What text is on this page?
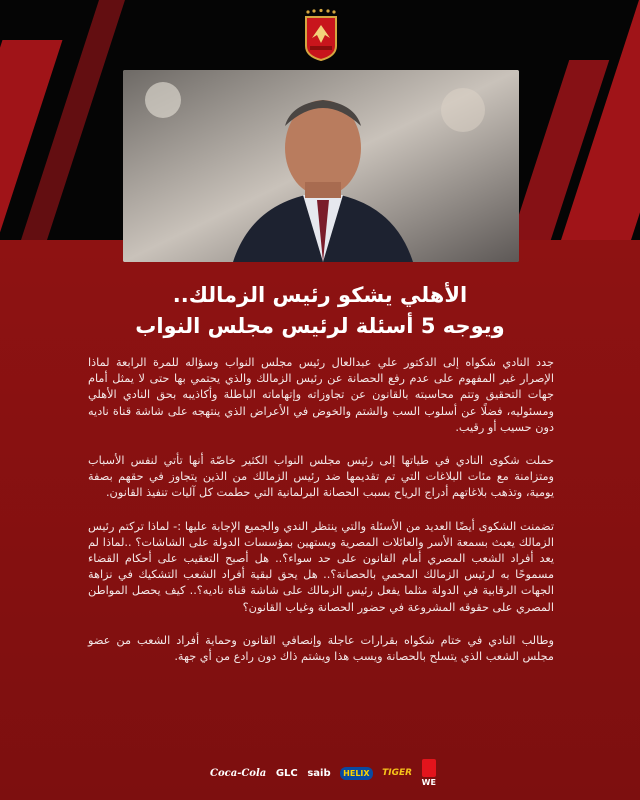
الأهلي يشكو رئيس الزمالك..
ويوجه 5 أسئلة لرئيس مجلس النواب

جدد النادي شكواه إلى الدكتور علي عبدالعال رئيس مجلس النواب وسؤاله للمرة الرابعة لماذا الإصرار غير المفهوم على عدم رفع الحصانة عن رئيس الزمالك والذي يحتمي بها حتى لا يمثل أمام جهات التحقيق وتتم محاسبته بالقانون عن تجاوزاته وإتهاماته الباطلة وأكاذيبه بحق النادي الأهلي ومسئوليه، فضلًا عن أسلوب السب والشتم والخوض في الأعراض الذي ينتهجه على شاشة قناة ناديه دون حسيب أو رقيب.

حملت شكوى النادي في طياتها إلى رئيس مجلس النواب الكثير خاصّة أنها تأتي لنفس الأسباب ومتزامنة مع مئات البلاغات التي تم تقديمها ضد رئيس الزمالك من الذين يتجاوز في حقهم بصفة يومية، وتذهب بلاغاتهم أدراج الرياح بسبب الحصانة البرلمانية التي حطمت كل آليات تنفيذ القانون.

تضمنت الشكوى أيضًا العديد من الأسئلة والتي ينتظر الندي والجميع الإجابة عليها :- لماذا تركتم رئيس الزمالك يعبث بسمعة الأسر والعائلات المصرية ويستهين بمؤسسات الدولة على الشاشات؟ ..لماذا لم يعد أفراد الشعب المصري أمام القانون على حد سواء؟.. هل أصبح التعقيب على أحكام القضاء مسموحًا به لرئيس الزمالك المحمي بالحصانة؟.. هل يحق لبقية أفراد الشعب التشكيك في نزاهة الجهات الرقابية في الدولة مثلما يفعل رئيس الزمالك على شاشة قناة ناديه؟.. كيف يحصل المواطن المصري على حقوقه المشروعة في حضور الحصانة وغياب القانون؟

وطالب النادي في ختام شكواه بقرارات عاجلة وإنصافي القانون وحماية أفراد الشعب من عضو مجلس الشعب الذي يتسلح بالحصانة ويسب هذا ويشتم ذاك دون رادع من أي جهة.

Coca-Cola GLC saib	HELIX	TIGER
WE
